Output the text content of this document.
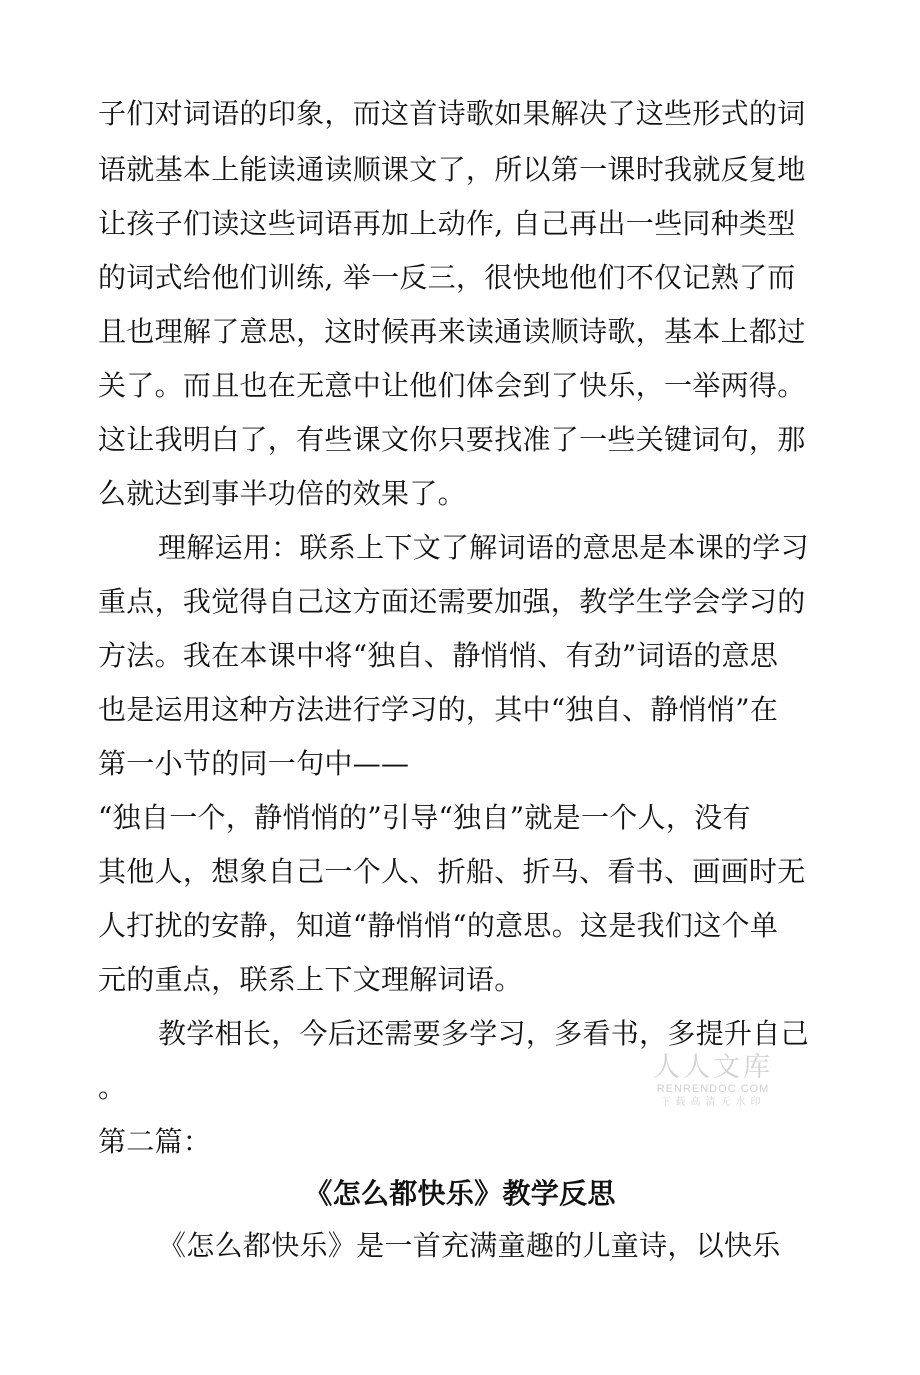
子们对词语的印象，而这首诗歌如果解决了这些形式的词
语就基本上能读通读顺课文了，所以第一课时我就反复地
让孩子们读这些词语再加上动作, 自己再出一些同种类型
的词式给他们训练, 举一反三，很快地他们不仅记熟了而
且也理解了意思，这时候再来读通读顺诗歌，基本上都过
关了。而且也在无意中让他们体会到了快乐，一举两得。
这让我明白了，有些课文你只要找准了一些关键词句，那
么就达到事半功倍的效果了。
理解运用：联系上下文了解词语的意思是本课的学习
重点，我觉得自己这方面还需要加强，教学生学会学习的
方法。我在本课中将“独自、静悄悄、有劲”词语的意思
也是运用这种方法进行学习的，其中“独自、静悄悄”在
第一小节的同一句中——
“独自一个，静悄悄的”引导“独自”就是一个人，没有
其他人，想象自己一个人、折船、折马、看书、画画时无
人打扰的安静，知道“静悄悄“的意思。这是我们这个单
元的重点，联系上下文理解词语。
教学相长，今后还需要多学习，多看书，多提升自己
。
第二篇：
《怎么都快乐》教学反思
《怎么都快乐》是一首充满童趣的儿童诗，以快乐
人人文库
RENRENDOC.COM
下载高清无水印
